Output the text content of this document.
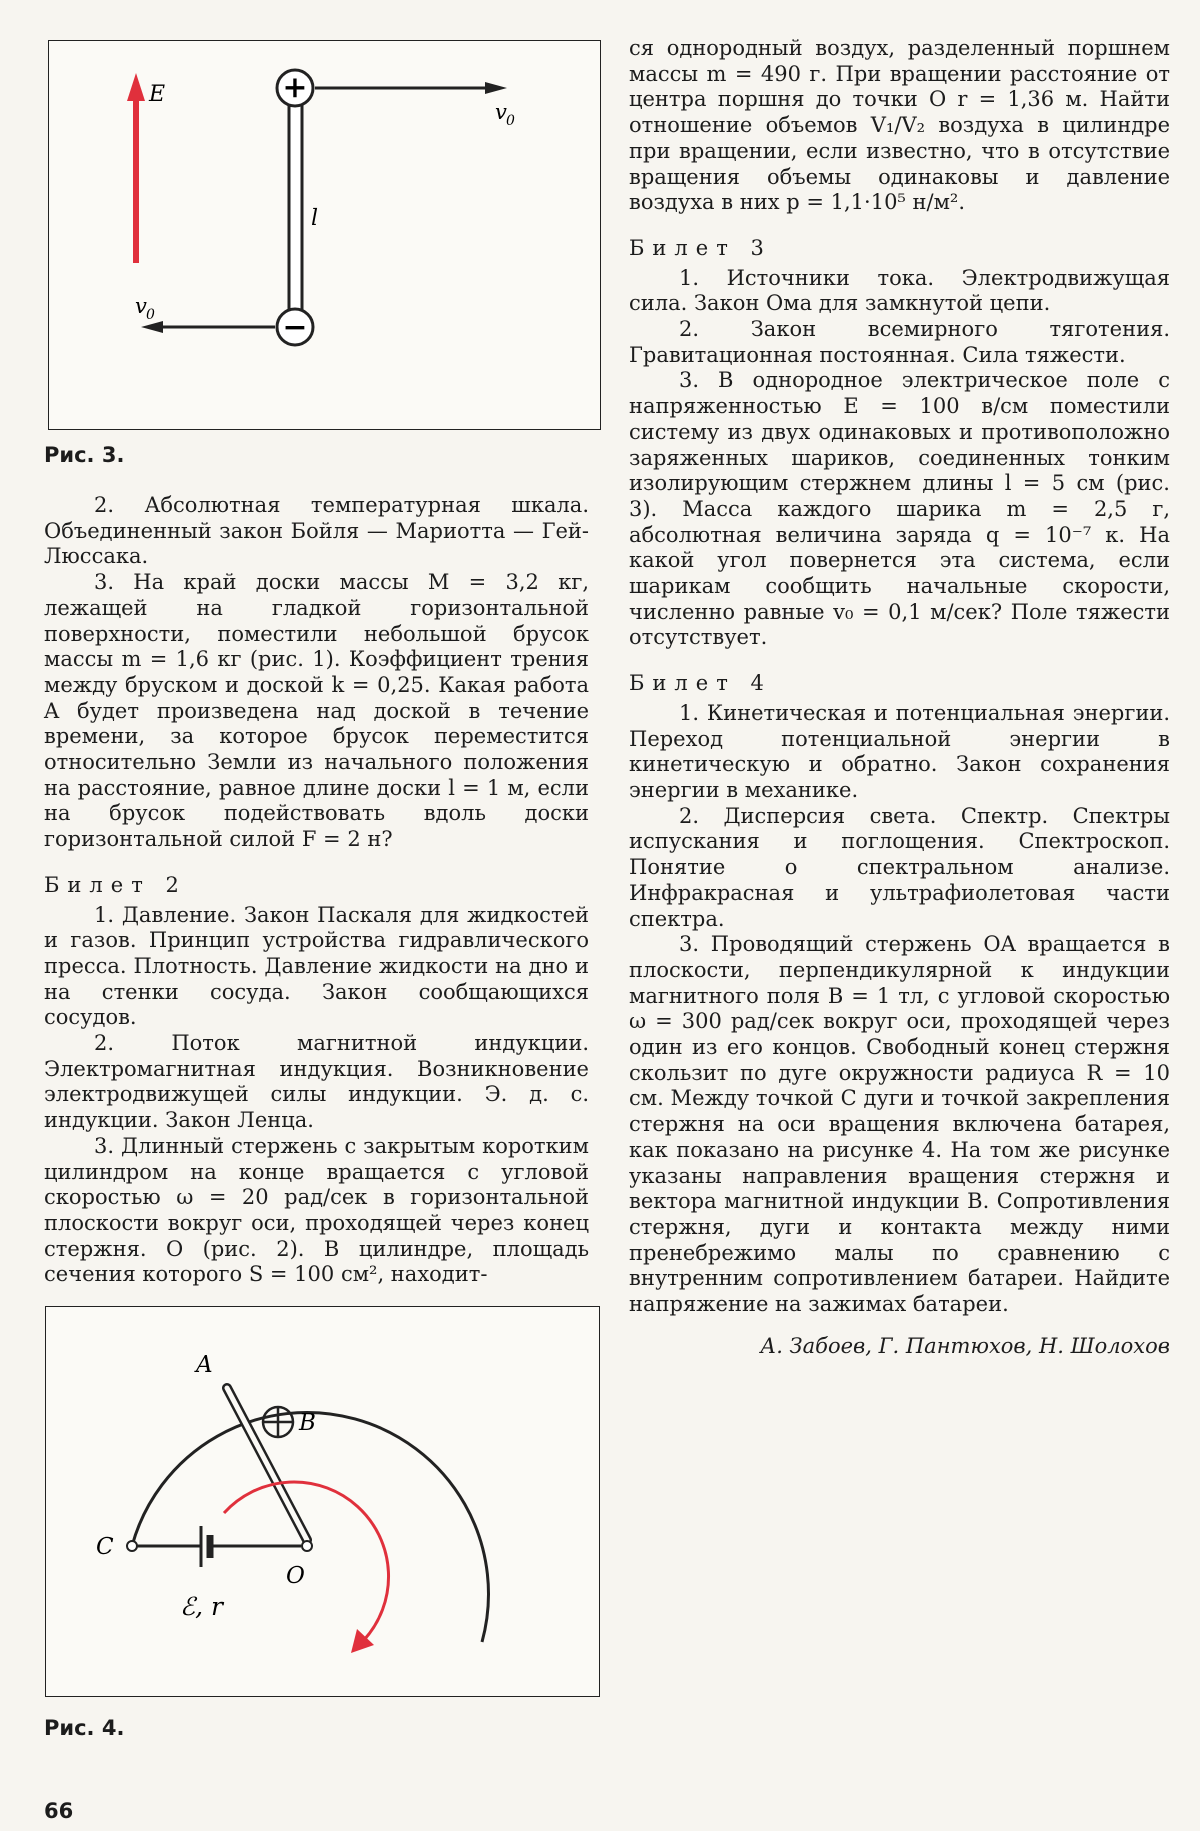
E	+
−
v 0
l
v 0
Рис. 3.

2. Абсолютная температурная шкала. Объединенный закон Бойля — Мариотта — Гей-Люссака.

3. На край доски массы M = 3,2 кг, лежащей на гладкой горизонтальной поверхности, поместили небольшой брусок массы m = 1,6 кг (рис. 1). Коэффициент трения между бруском и доской k = 0,25. Какая работа A будет произведена над доской в течение времени, за которое брусок переместится относительно Земли из начального положения на расстояние, равное длине доски l = 1 м, если на брусок подействовать вдоль доски горизонтальной силой F = 2 н?

Билет 2

1. Давление. Закон Паскаля для жидкостей и газов. Принцип устройства гидравлического пресса. Плотность. Давление жидкости на дно и на стенки сосуда. Закон сообщающихся сосудов.

2. Поток магнитной индукции. Электромагнитная индукция. Возникновение электродвижущей силы индукции. Э. д. с. индукции. Закон Ленца.

3. Длинный стержень с закрытым коротким цилиндром на конце вращается с угловой скоростью ω = 20 рад/сек в горизонтальной плоскости вокруг оси, проходящей через конец стержня. O (рис. 2). В цилиндре, площадь сечения которого S = 100 см², находит-

A
B
C
O
ℰ, r
Рис. 4.

ся однородный воздух, разделенный поршнем массы m = 490 г. При вращении расстояние от центра поршня до точки O r = 1,36 м. Найти отношение объемов V₁/V₂ воздуха в цилиндре при вращении, если известно, что в отсутствие вращения объемы одинаковы и давление воздуха в них p = 1,1·10⁵ н/м².

Билет 3

1. Источники тока. Электродвижущая сила. Закон Ома для замкнутой цепи.

2. Закон всемирного тяготения. Гравитационная постоянная. Сила тяжести.

3. В однородное электрическое поле с напряженностью E = 100 в/см поместили систему из двух одинаковых и противоположно заряженных шариков, соединенных тонким изолирующим стержнем длины l = 5 см (рис. 3). Масса каждого шарика m = 2,5 г, абсолютная величина заряда q = 10⁻⁷ к. На какой угол повернется эта система, если шарикам сообщить начальные скорости, численно равные v₀ = 0,1 м/сек? Поле тяжести отсутствует.

Билет 4

1. Кинетическая и потенциальная энергии. Переход потенциальной энергии в кинетическую и обратно. Закон сохранения энергии в механике.

2. Дисперсия света. Спектр. Спектры испускания и поглощения. Спектроскоп. Понятие о спектральном анализе. Инфракрасная и ультрафиолетовая части спектра.

3. Проводящий стержень OA вращается в плоскости, перпендикулярной к индукции магнитного поля B = 1 тл, с угловой скоростью ω = 300 рад/сек вокруг оси, проходящей через один из его концов. Свободный конец стержня скользит по дуге окружности радиуса R = 10 см. Между точкой C дуги и точкой закрепления стержня на оси вращения включена батарея, как показано на рисунке 4. На том же рисунке указаны направления вращения стержня и вектора магнитной индукции B. Сопротивления стержня, дуги и контакта между ними пренебрежимо малы по сравнению с внутренним сопротивлением батареи. Найдите напряжение на зажимах батареи.

А. Забоев, Г. Пантюхов, Н. Шолохов

66
